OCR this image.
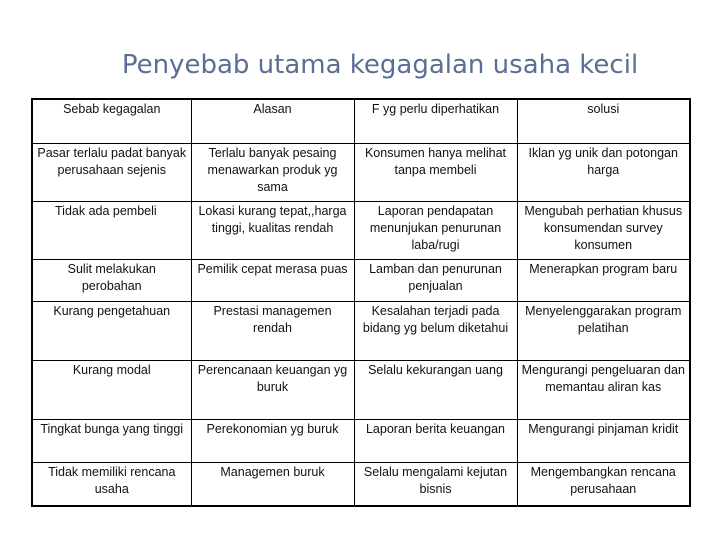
Penyebab utama kegagalan usaha kecil
Sebab kegagalan	Alasan	F yg perlu diperhatikan	solusi
Pasar terlalu padat banyak perusahaan sejenis	Terlalu banyak pesaing menawarkan produk yg sama	Konsumen hanya melihat tanpa membeli	Iklan yg unik dan potongan harga
Tidak ada pembeli	Lokasi kurang tepat,,harga tinggi, kualitas rendah	Laporan pendapatan menunjukan penurunan laba/rugi	Mengubah perhatian khusus konsumendan survey konsumen
Sulit melakukan perobahan	Pemilik cepat merasa puas	Lamban dan penurunan penjualan	Menerapkan program baru
Kurang pengetahuan	Prestasi managemen rendah	Kesalahan terjadi pada bidang yg belum diketahui	Menyelenggarakan program pelatihan
Kurang modal	Perencanaan keuangan yg buruk	Selalu kekurangan uang	Mengurangi pengeluaran dan memantau aliran kas
Tingkat bunga yang tinggi	Perekonomian yg buruk	Laporan berita keuangan	Mengurangi pinjaman kridit
Tidak memiliki rencana usaha	Managemen buruk	Selalu mengalami kejutan bisnis	Mengembangkan rencana perusahaan
